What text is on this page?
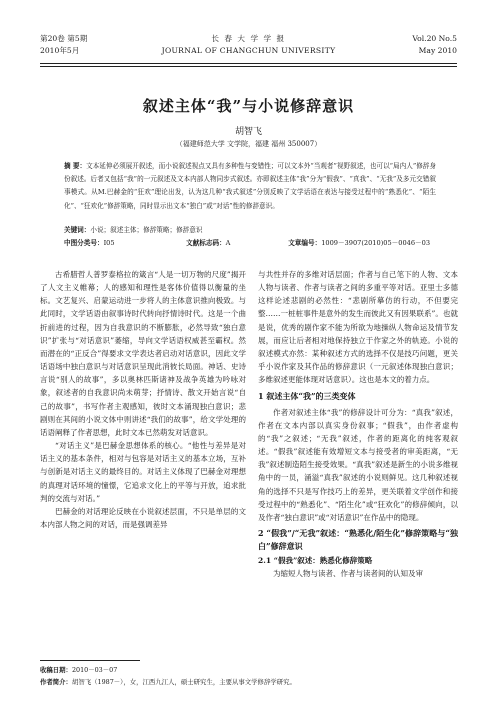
第20卷 第5期	长 春 大 学 学 报	Vol.20 No.5
2010年5月	JOURNAL OF CHANGCHUN UNIVERSITY	May 2010
叙述主体“我”与小说修辞意识
胡智飞
（福建师范大学 文学院，福建 福州 350007）
摘 要：文本延伸必须展开叙述，而小说叙述视点又具有多种性与变错性；可以文本外“当观者”视野叙述，也可以“局内人”修辞身份叙述。后者又包括“我”的一元叙述及文本内部人物同步式叙述。亦即叙述主体“我”分为“假我”、“真我”、“无我”及多元交错叙事模式。从M.巴赫金的“狂欢”理论出发，认为这几种“我式叙述”分别反映了文学话语在表达与接受过程中的“熟悉化”、“陌生化”、“狂欢化”修辞策略，同时显示出文本“独白”或“对话”性的修辞意识。
关键词：小说；叙述主体；修辞策略；修辞意识
中图分类号：I05	文献标志码：A	文章编号：1009－3907(2010)05－0046－03

古希腊哲人普罗泰格拉的箴言“人是一切万物的尺度”揭开了人文主义帷幕；人的感知和理性是客体价值得以衡量的坐标。文艺复兴、启蒙运动进一步将人的主体意识推向极致。与此同时，文学话语由叙事诗时代转向抒情诗时代。这是一个曲折前进的过程，因为自我意识的不断膨胀，必然导致“独白意识”扩张与“对话意识”萎缩，导向文学话语权威甚至霸权。然而潜在的“正反合”得要求文学表达者启动对话意识，因此文学话语场中独白意识与对话意识呈现此消彼长局面。神话、史诗言说“别人的故事”，多以奥林匹斯诸神及战争英雄为吟咏对象，叙述者的自我意识尚未萌芽；抒情诗、散文开始言说“自己的故事”，书写作者主观感知，彼时文本涌现独白意识；悲剧则在其间的小说文体中则讲述“我们的故事”，给文学处理的话语阐释了作者思想，此时文本已然萌发对话意识。

“对话主义”是巴赫金思想体系的核心。“他性与差异是对话主义的基本条件，相对与包容是对话主义的基本立场，互补与创新是对话主义的最终目的。对话主义体现了巴赫金对理想的真理对话环境的憧憬，它追求文化上的平等与开放，追求批判的交流与对话。”

巴赫金的对话理论反映在小说叙述层面，不只是单层的文本内部人物之间的对话，而是强调差异

与共性并存的多维对话层面；作者与自己笔下的人物、文本人物与读者、作者与读者之间的多重平等对话。亚里士多德这样论述悲剧的必然性：“悲剧所摹仿的行动，不但要完整……一桩桩事件是意外的发生而彼此又有因果联系”。也就是说，优秀的剧作家不能为所欲为地操纵人物命运及情节发展，而应让后者相对地保持独立于作家之外的轨迹。小说的叙述模式亦然：某种叙述方式的选择不仅是技巧问题，更关乎小说作家及其作品的修辞意识（一元叙述体现独白意识；多维叙述更能体现对话意识）。这也是本文的着力点。

1 叙述主体“我”的三类变体

作者对叙述主体“我”的修辞设计可分为：“真我”叙述，作者在文本内部以真实身份叙事；“假我”，由作者虚构的“我”之叙述；“无我”叙述，作者的距离化的纯客观叙述。“假我”叙述能有效增短文本与接受者的审美距离，“无我”叙述制造陌生接受效果。“真我”叙述是新生的小说多维视角中的一员，涌溢“真我”叙述的小说则鲜见。这几种叙述视角的选择不只是写作技巧上的差异，更关联着文学创作和接受过程中的“熟悉化”、“陌生化”或“狂欢化”的修辞倾向，以及作者“独白意识”或“对话意识”在作品中的隐现。

2 “假我”/“无我”叙述：“熟悉化/陌生化”修辞策略与“独白”修辞意识

2.1 “假我”叙述：熟悉化修辞策略

为缩短人物与读者、作者与读者间的认知及审

收稿日期：2010－03－07
作者简介：胡智飞（1987－），女，江西九江人，硕士研究生，主要从事文学修辞学研究。
